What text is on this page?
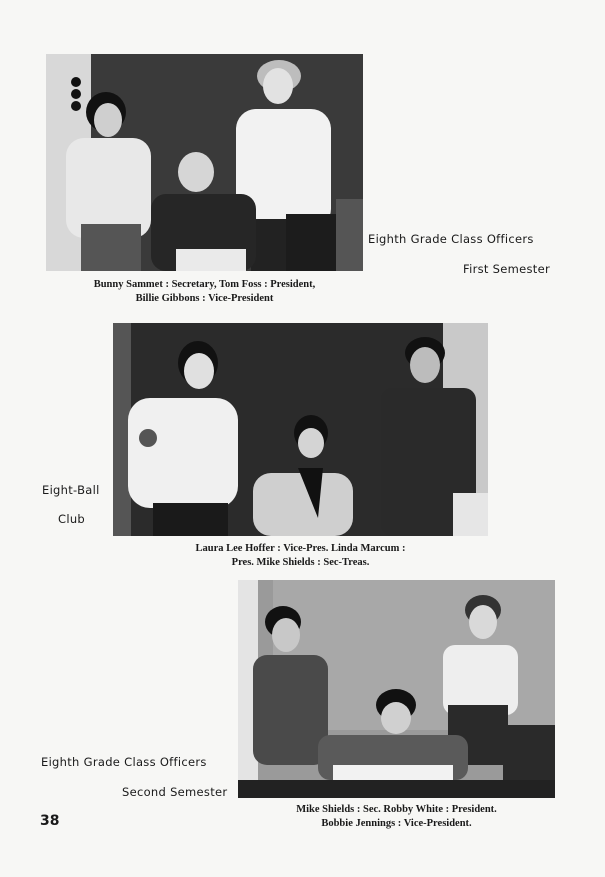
Bunny Sammet : Secretary, Tom Foss : President,
Billie Gibbons : Vice-President
Eighth Grade Class Officers
First Semester
Laura Lee Hoffer : Vice-Pres. Linda Marcum :
Pres. Mike Shields : Sec-Treas.
Eight-Ball
Club
Mike Shields : Sec. Robby White : President.
Bobbie Jennings : Vice-President.
Eighth Grade Class Officers
Second Semester
38
